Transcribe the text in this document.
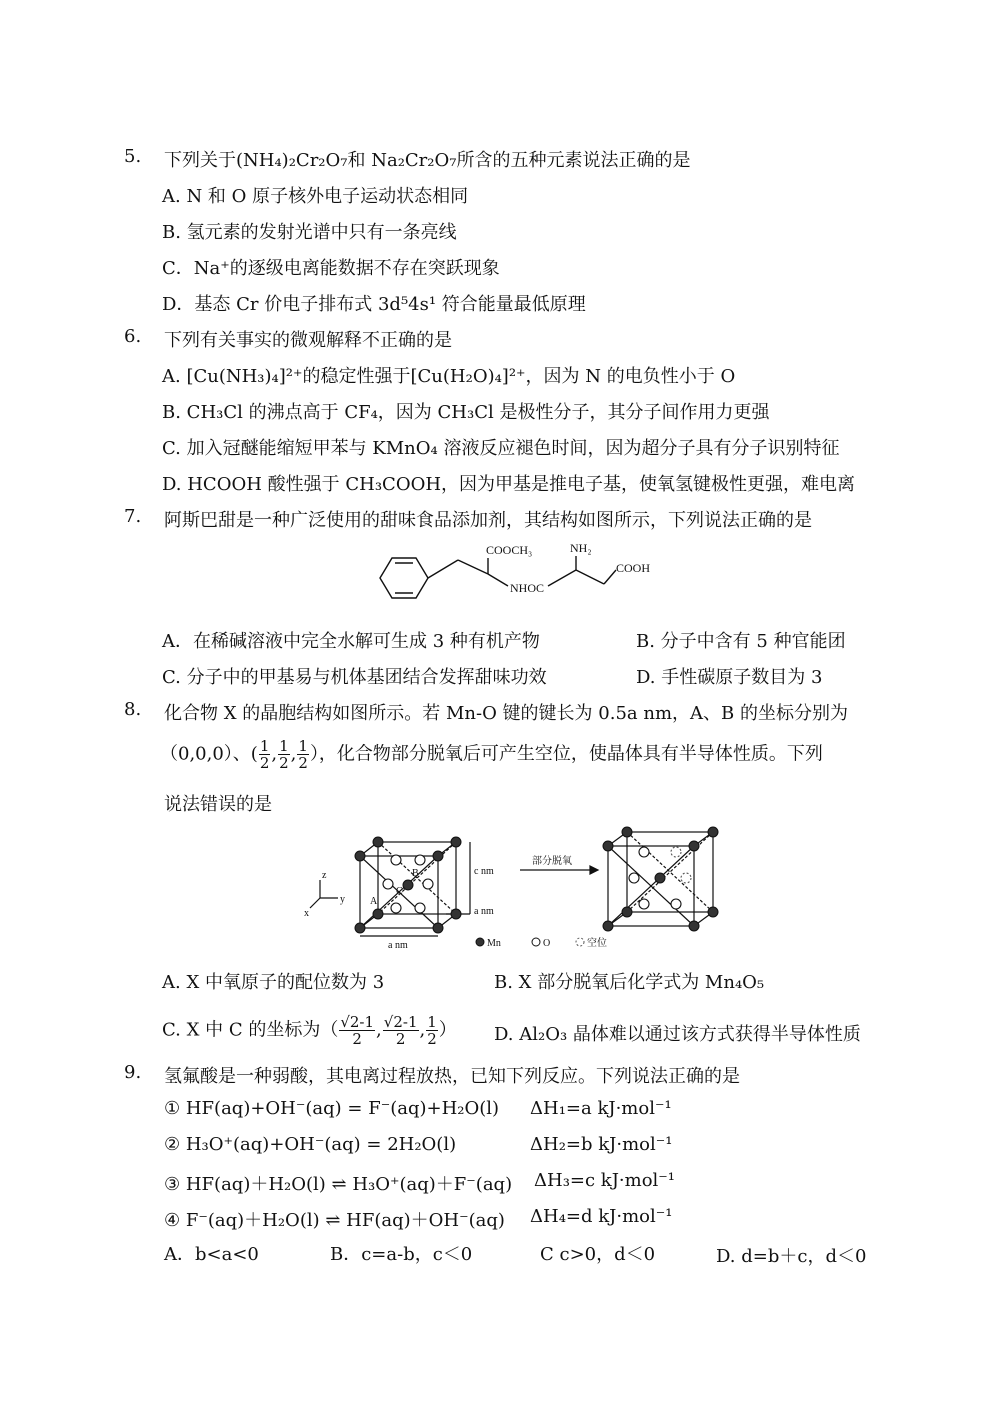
5.	下列关于(NH₄)₂Cr₂O₇和 Na₂Cr₂O₇所含的五种元素说法正确的是
A. N 和 O 原子核外电子运动状态相同
B. 氢元素的发射光谱中只有一条亮线
C．Na⁺的逐级电离能数据不存在突跃现象
D．基态 Cr 价电子排布式 3d⁵4s¹ 符合能量最低原理
6.	下列有关事实的微观解释不正确的是
A. [Cu(NH₃)₄]²⁺的稳定性强于[Cu(H₂O)₄]²⁺，因为 N 的电负性小于 O
B. CH₃Cl 的沸点高于 CF₄，因为 CH₃Cl 是极性分子，其分子间作用力更强
C. 加入冠醚能缩短甲苯与 KMnO₄ 溶液反应褪色时间，因为超分子具有分子识别特征
D. HCOOH 酸性强于 CH₃COOH，因为甲基是推电子基，使氧氢键极性更强，难电离
7.	阿斯巴甜是一种广泛使用的甜味食品添加剂，其结构如图所示，下列说法正确的是
COOCH₃	NH₂
COOH
NHOC
A．在稀碱溶液中完全水解可生成 3 种有机产物	B. 分子中含有 5 种官能团
C. 分子中的甲基易与机体基团结合发挥甜味功效	D. 手性碳原子数目为 3
8.	化合物 X 的晶胞结构如图所示。若 Mn-O 键的键长为 0.5a nm，A、B 的坐标分别为
（0,0,0）、( $\frac{1}{2}$ , $\frac{1}{2}$ , $\frac{1}{2}$ ），化合物部分脱氧后可产生空位，使晶体具有半导体性质。下列
说法错误的是
c nm
a nm
a nm
部分脱氧
B
C
A
z
y
x
Mn	O	空位
A. X 中氧原子的配位数为 3	B. X 部分脱氧后化学式为 Mn₄O₅
C. X 中 C 的坐标为（ $\frac{√2-1}{2}$ , $\frac{√2-1}{2}$ , $\frac{1}{2}$ ） D. Al₂O₃ 晶体难以通过该方式获得半导体性质
9.	氢氟酸是一种弱酸，其电离过程放热，已知下列反应。下列说法正确的是
① HF(aq)+OH⁻(aq) = F⁻(aq)+H₂O(l) ΔH₁=a kJ·mol⁻¹
② H₃O⁺(aq)+OH⁻(aq) = 2H₂O(l)	ΔH₂=b kJ·mol⁻¹
③ HF(aq)＋H₂O(l) ⇌ H₃O⁺(aq)＋F⁻(aq) ΔH₃=c kJ·mol⁻¹
④ F⁻(aq)＋H₂O(l) ⇌ HF(aq)＋OH⁻(aq) ΔH₄=d kJ·mol⁻¹
A．b<a<0	B．c=a-b，c＜0	C c>0，d＜0	D. d=b＋c，d＜0
